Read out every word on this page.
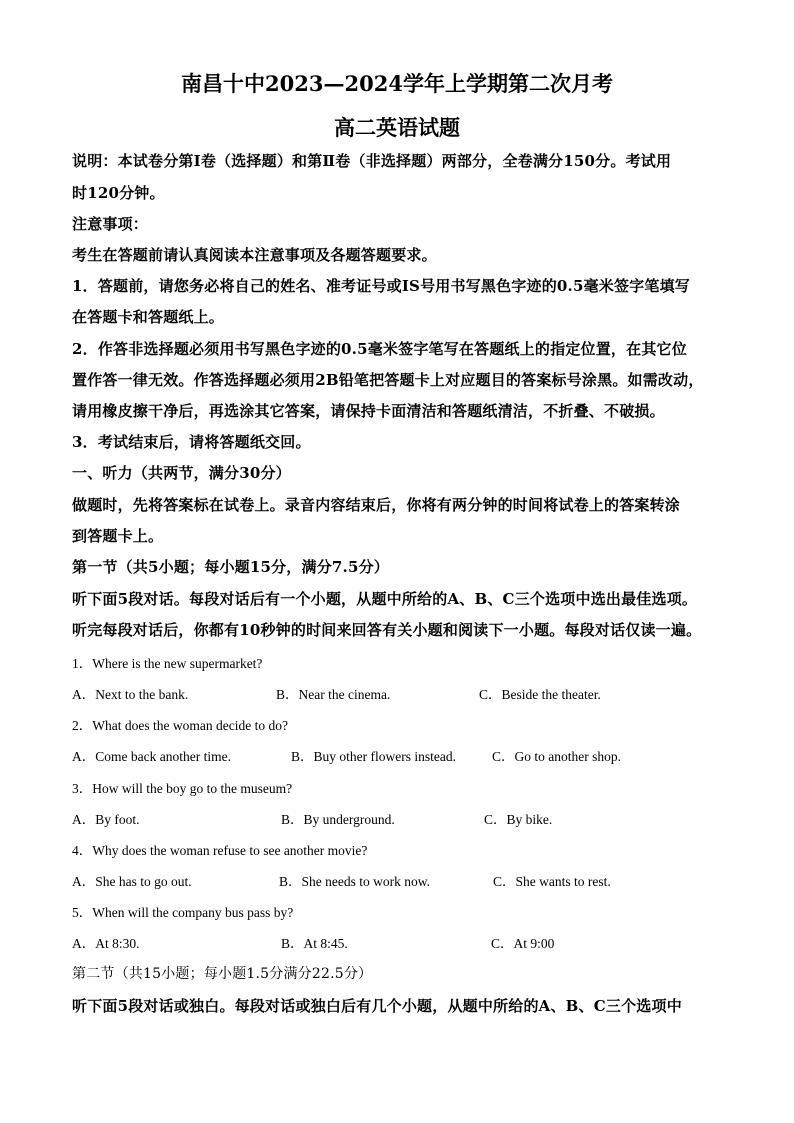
南昌十中2023—2024学年上学期第二次月考
高二英语试题
说明：本试卷分第Ⅰ卷（选择题）和第Ⅱ卷（非选择题）两部分，全卷满分150分。考试用
时120分钟。
注意事项：
考生在答题前请认真阅读本注意事项及各题答题要求。
1．答题前，请您务必将自己的姓名、准考证号或IS号用书写黑色字迹的0.5毫米签字笔填写
在答题卡和答题纸上。
2．作答非选择题必须用书写黑色字迹的0.5毫米签字笔写在答题纸上的指定位置，在其它位
置作答一律无效。作答选择题必须用2B铅笔把答题卡上对应题目的答案标号涂黑。如需改动，
请用橡皮擦干净后，再选涂其它答案，请保持卡面清洁和答题纸清洁，不折叠、不破损。
3．考试结束后，请将答题纸交回。
一、听力（共两节，满分30分）
做题时，先将答案标在试卷上。录音内容结束后，你将有两分钟的时间将试卷上的答案转涂
到答题卡上。
第一节（共5小题；每小题15分，满分7.5分）
听下面5段对话。每段对话后有一个小题，从题中所给的A、B、C三个选项中选出最佳选项。
听完每段对话后，你都有10秒钟的时间来回答有关小题和阅读下一小题。每段对话仅读一遍。
1．Where is the new supermarket?
A．Next to the bank.	B．Near the cinema.	C．Beside the theater.
2．What does the woman decide to do?
A．Come back another time.	B．Buy other flowers instead.	C．Go to another shop.
3．How will the boy go to the museum?
A．By foot.	B．By underground.	C．By bike.
4．Why does the woman refuse to see another movie?
A．She has to go out.	B．She needs to work now.	C．She wants to rest.
5．When will the company bus pass by?
A．At 8:30.	B．At 8:45.	C．At 9:00
第二节（共15小题；每小题1.5分满分22.5分）
听下面5段对话或独白。每段对话或独白后有几个小题，从题中所给的A、B、C三个选项中
